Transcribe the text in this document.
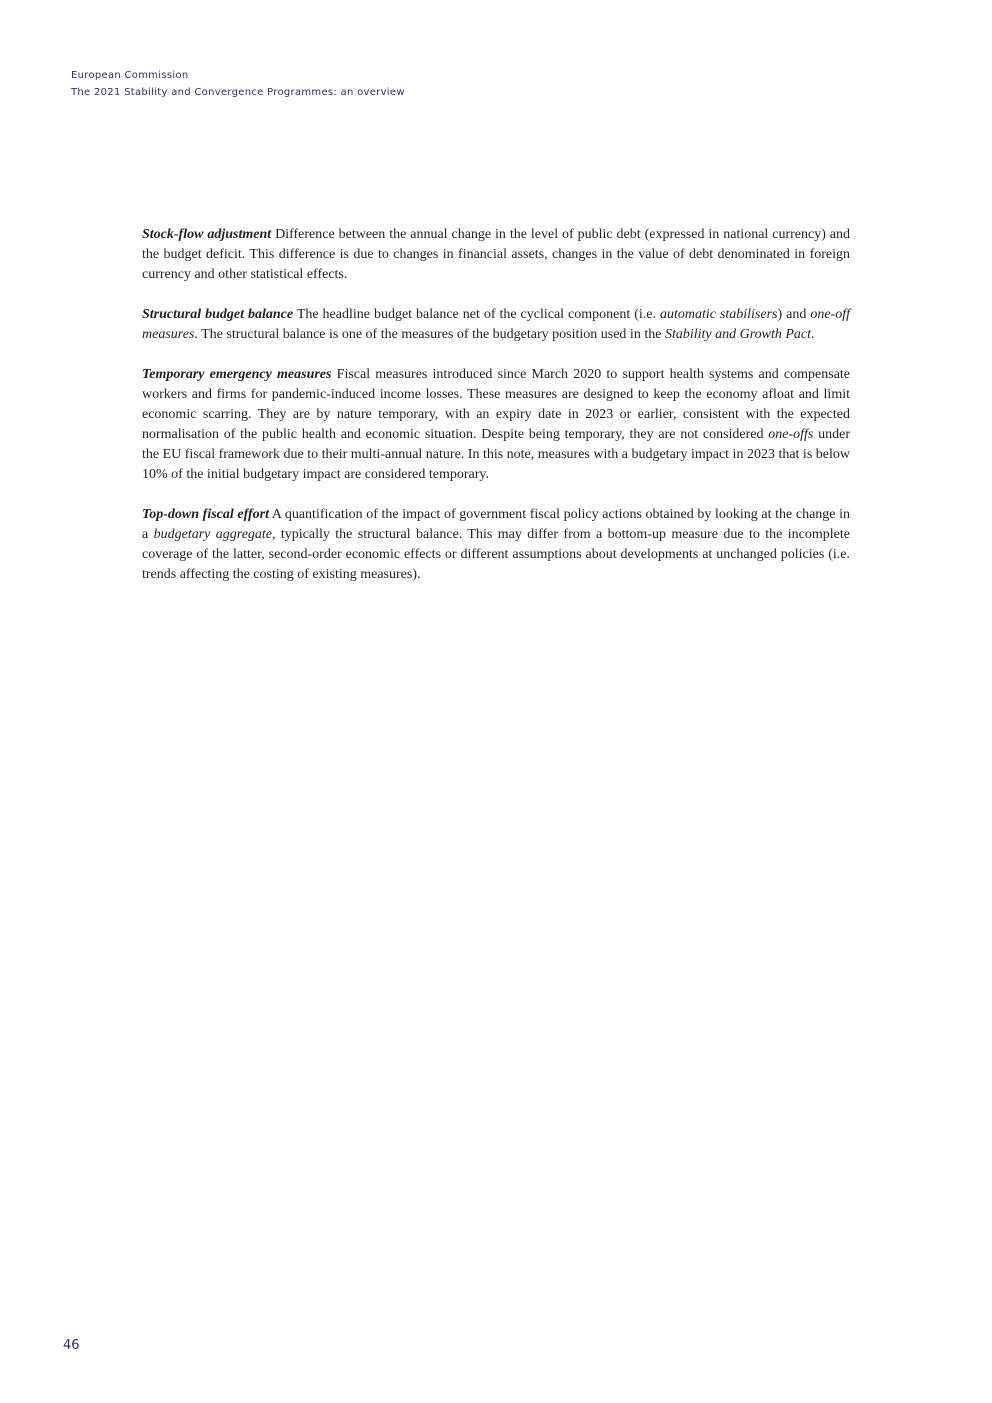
European Commission
The 2021 Stability and Convergence Programmes: an overview

Stock-flow adjustment Difference between the annual change in the level of public debt (expressed in national currency) and the budget deficit. This difference is due to changes in financial assets, changes in the value of debt denominated in foreign currency and other statistical effects.

Structural budget balance The headline budget balance net of the cyclical component (i.e. automatic stabilisers) and one-off measures. The structural balance is one of the measures of the budgetary position used in the Stability and Growth Pact.

Temporary emergency measures Fiscal measures introduced since March 2020 to support health systems and compensate workers and firms for pandemic-induced income losses. These measures are designed to keep the economy afloat and limit economic scarring. They are by nature temporary, with an expiry date in 2023 or earlier, consistent with the expected normalisation of the public health and economic situation. Despite being temporary, they are not considered one-offs under the EU fiscal framework due to their multi-annual nature. In this note, measures with a budgetary impact in 2023 that is below 10% of the initial budgetary impact are considered temporary.

Top-down fiscal effort A quantification of the impact of government fiscal policy actions obtained by looking at the change in a budgetary aggregate, typically the structural balance. This may differ from a bottom-up measure due to the incomplete coverage of the latter, second-order economic effects or different assumptions about developments at unchanged policies (i.e. trends affecting the costing of existing measures).

46
